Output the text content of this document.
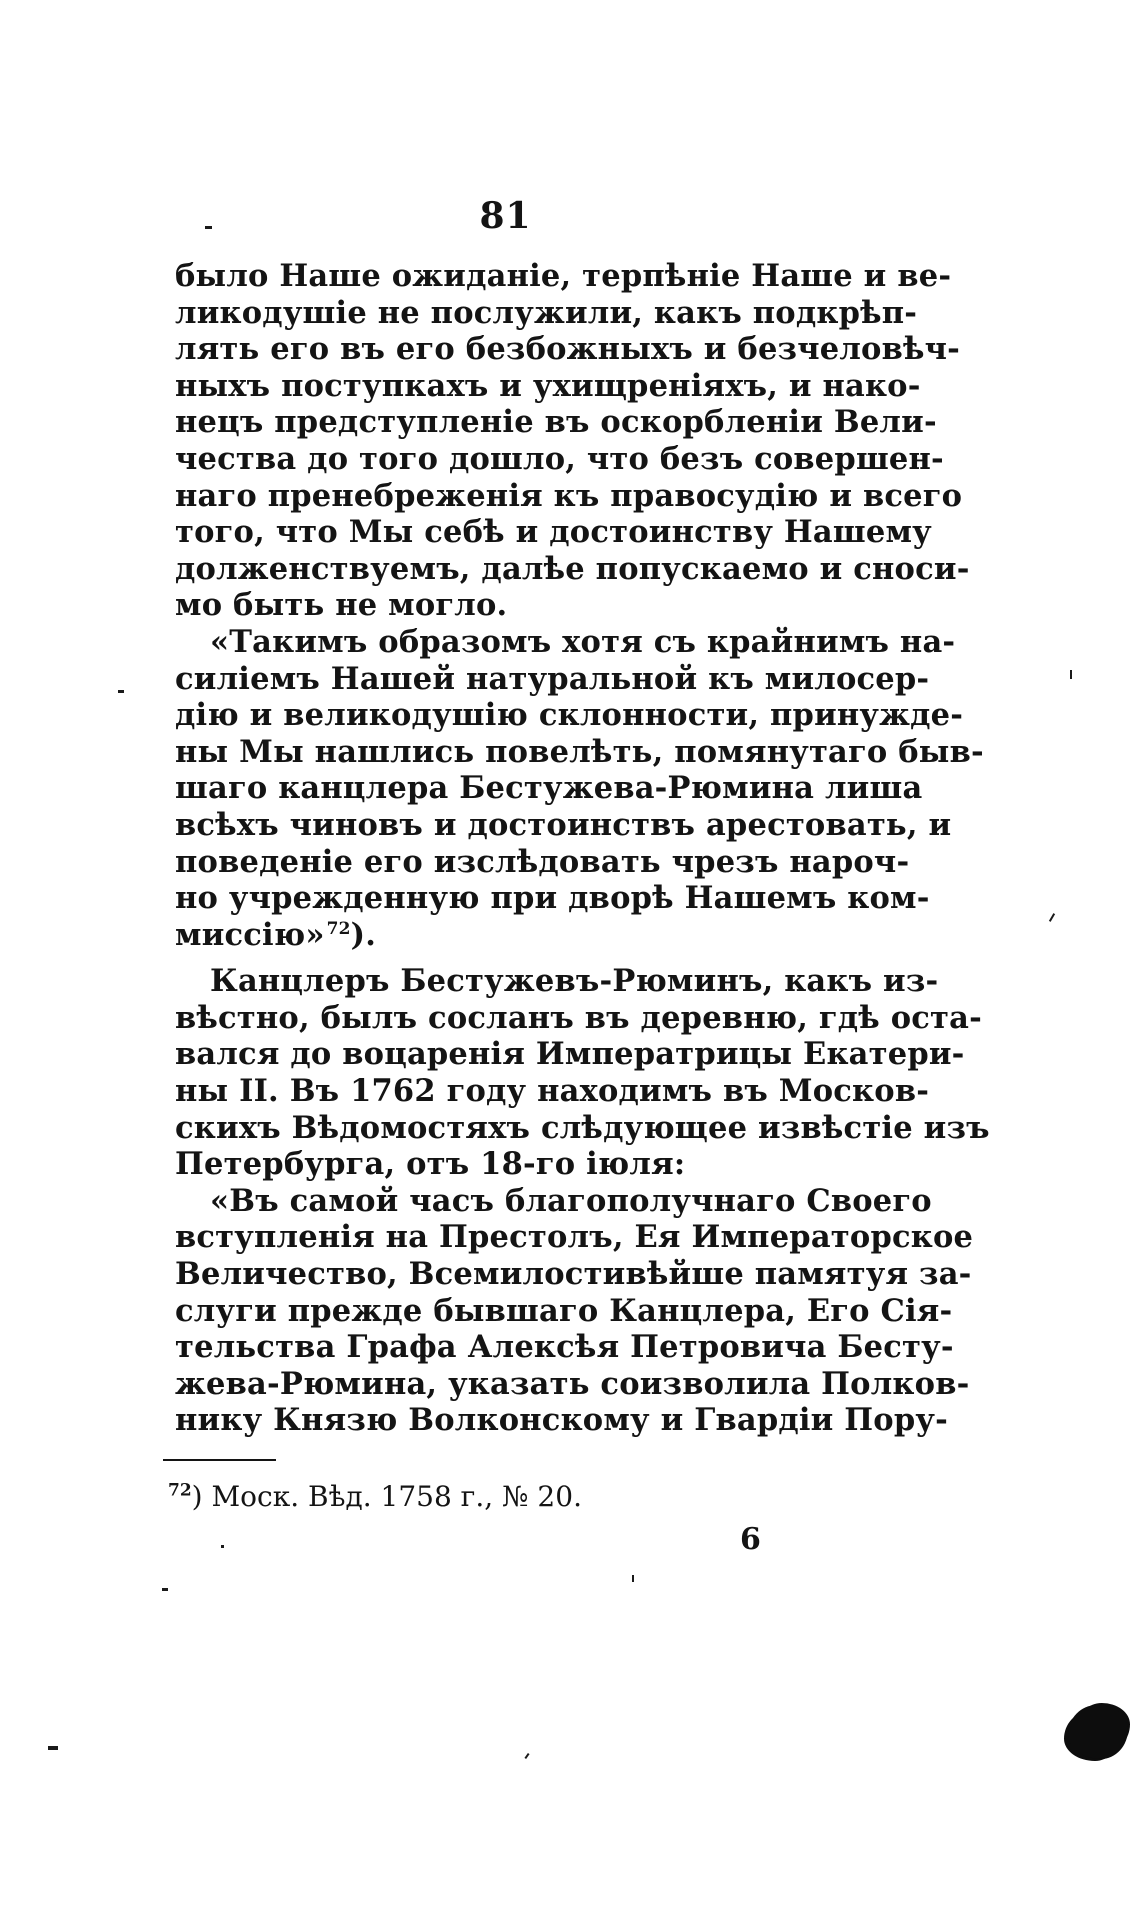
81
было Наше ожиданіе, терпѣніе Наше и ве-
ликодушіе не послужили, какъ подкрѣп-
лять его въ его безбожныхъ и безчеловѣч-
ныхъ поступкахъ и ухищреніяхъ, и нако-
нецъ предступленіе въ оскорбленіи Вели-
чества до того дошло, что безъ совершен-
наго пренебреженія къ правосудію и всего
того, что Мы себѣ и достоинству Нашему
долженствуемъ, далѣе попускаемо и сноси-
мо быть не могло.
«Такимъ образомъ хотя съ крайнимъ на-
силіемъ Нашей натуральной къ милосер-
дію и великодушію склонности, принужде-
ны Мы нашлись повелѣть, помянутаго быв-
шаго канцлера Бестужева-Рюмина лиша
всѣхъ чиновъ и достоинствъ арестовать, и
поведеніе его изслѣдовать чрезъ нароч-
но учрежденную при дворѣ Нашемъ ком-
миссію» $^{72}$).
Канцлеръ Бестужевъ-Рюминъ, какъ из-
вѣстно, былъ сосланъ въ деревню, гдѣ оста-
вался до воцаренія Императрицы Екатери-
ны II. Въ 1762 году находимъ въ Москов-
скихъ Вѣдомостяхъ слѣдующее извѣстіе изъ
Петербурга, отъ 18-го іюля:
«Въ самой часъ благополучнаго Своего
вступленія на Престолъ, Ея Императорское
Величество, Всемилостивѣйше памятуя за-
слуги прежде бывшаго Канцлера, Его Сія-
тельства Графа Алексѣя Петровича Бесту-
жева-Рюмина, указать соизволила Полков-
нику Князю Волконскому и Гвардіи Пору-
$^{72}$) Моск. Вѣд. 1758 г., № 20.
6
